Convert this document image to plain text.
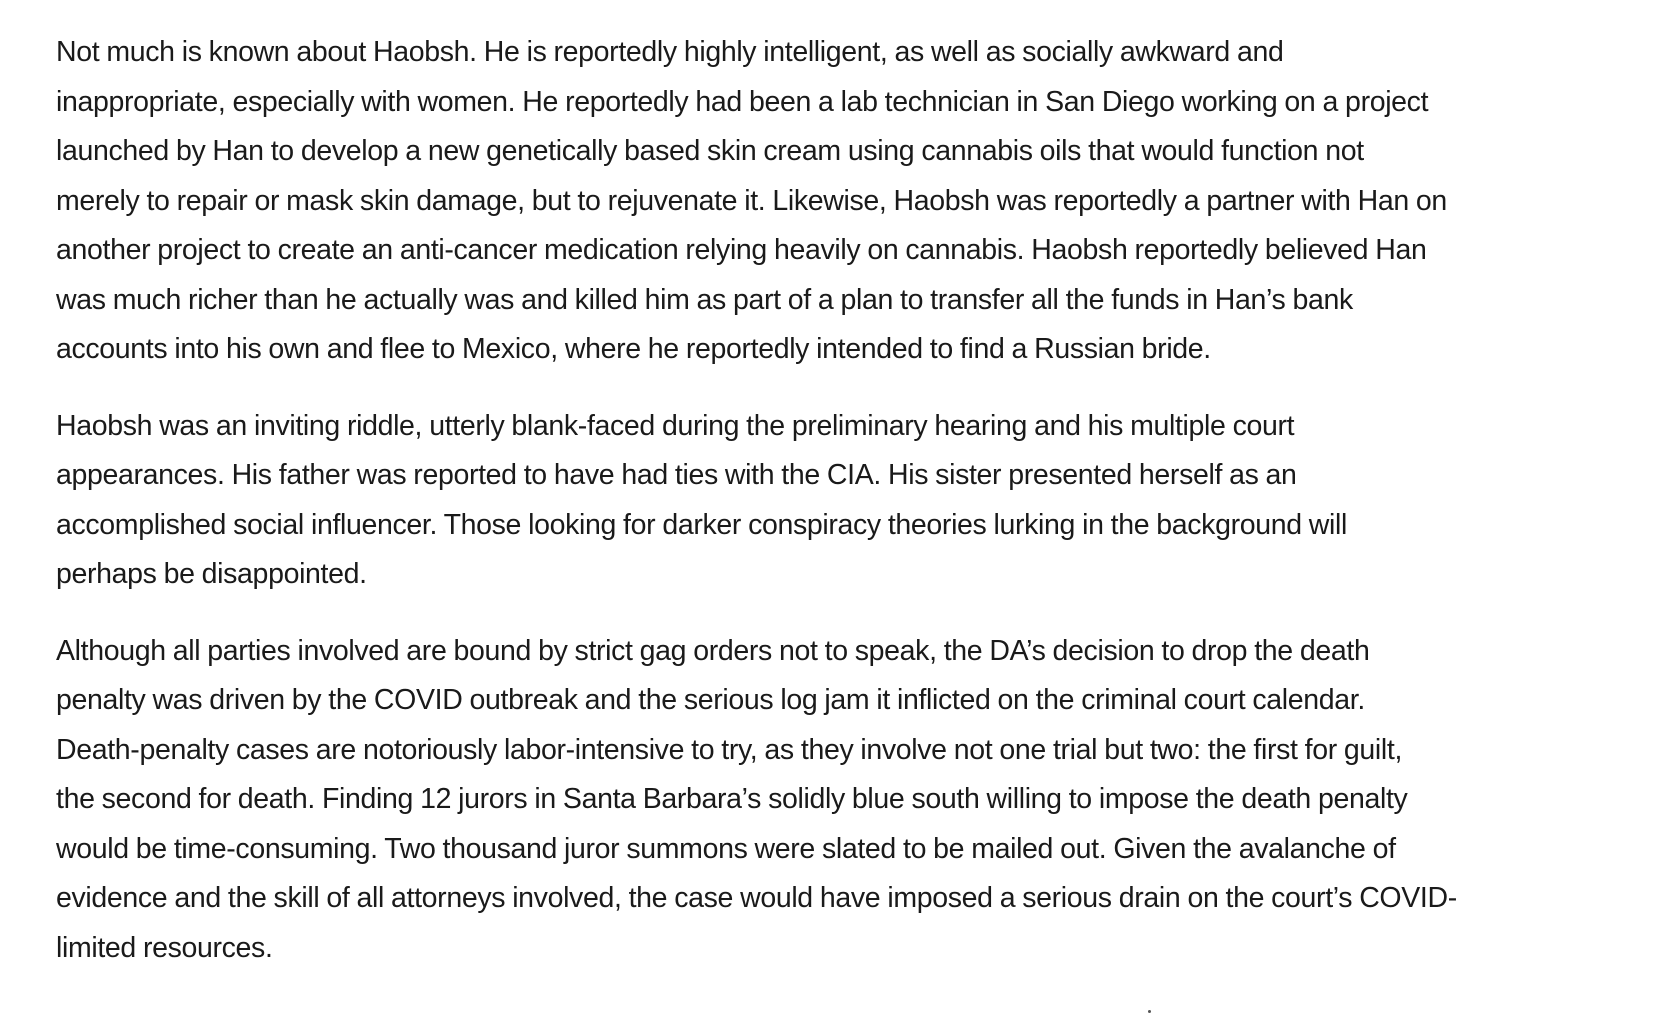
Not much is known about Haobsh. He is reportedly highly intelligent, as well as socially awkward and
inappropriate, especially with women. He reportedly had been a lab technician in San Diego working on a project
launched by Han to develop a new genetically based skin cream using cannabis oils that would function not
merely to repair or mask skin damage, but to rejuvenate it. Likewise, Haobsh was reportedly a partner with Han on
another project to create an anti-cancer medication relying heavily on cannabis. Haobsh reportedly believed Han
was much richer than he actually was and killed him as part of a plan to transfer all the funds in Han’s bank
accounts into his own and flee to Mexico, where he reportedly intended to find a Russian bride.

Haobsh was an inviting riddle, utterly blank-faced during the preliminary hearing and his multiple court
appearances. His father was reported to have had ties with the CIA. His sister presented herself as an
accomplished social influencer. Those looking for darker conspiracy theories lurking in the background will
perhaps be disappointed.

Although all parties involved are bound by strict gag orders not to speak, the DA’s decision to drop the death
penalty was driven by the COVID outbreak and the serious log jam it inflicted on the criminal court calendar.
Death-penalty cases are notoriously labor-intensive to try, as they involve not one trial but two: the first for guilt,
the second for death. Finding 12 jurors in Santa Barbara’s solidly blue south willing to impose the death penalty
would be time-consuming. Two thousand juror summons were slated to be mailed out. Given the avalanche of
evidence and the skill of all attorneys involved, the case would have imposed a serious drain on the court’s COVID-
limited resources.
